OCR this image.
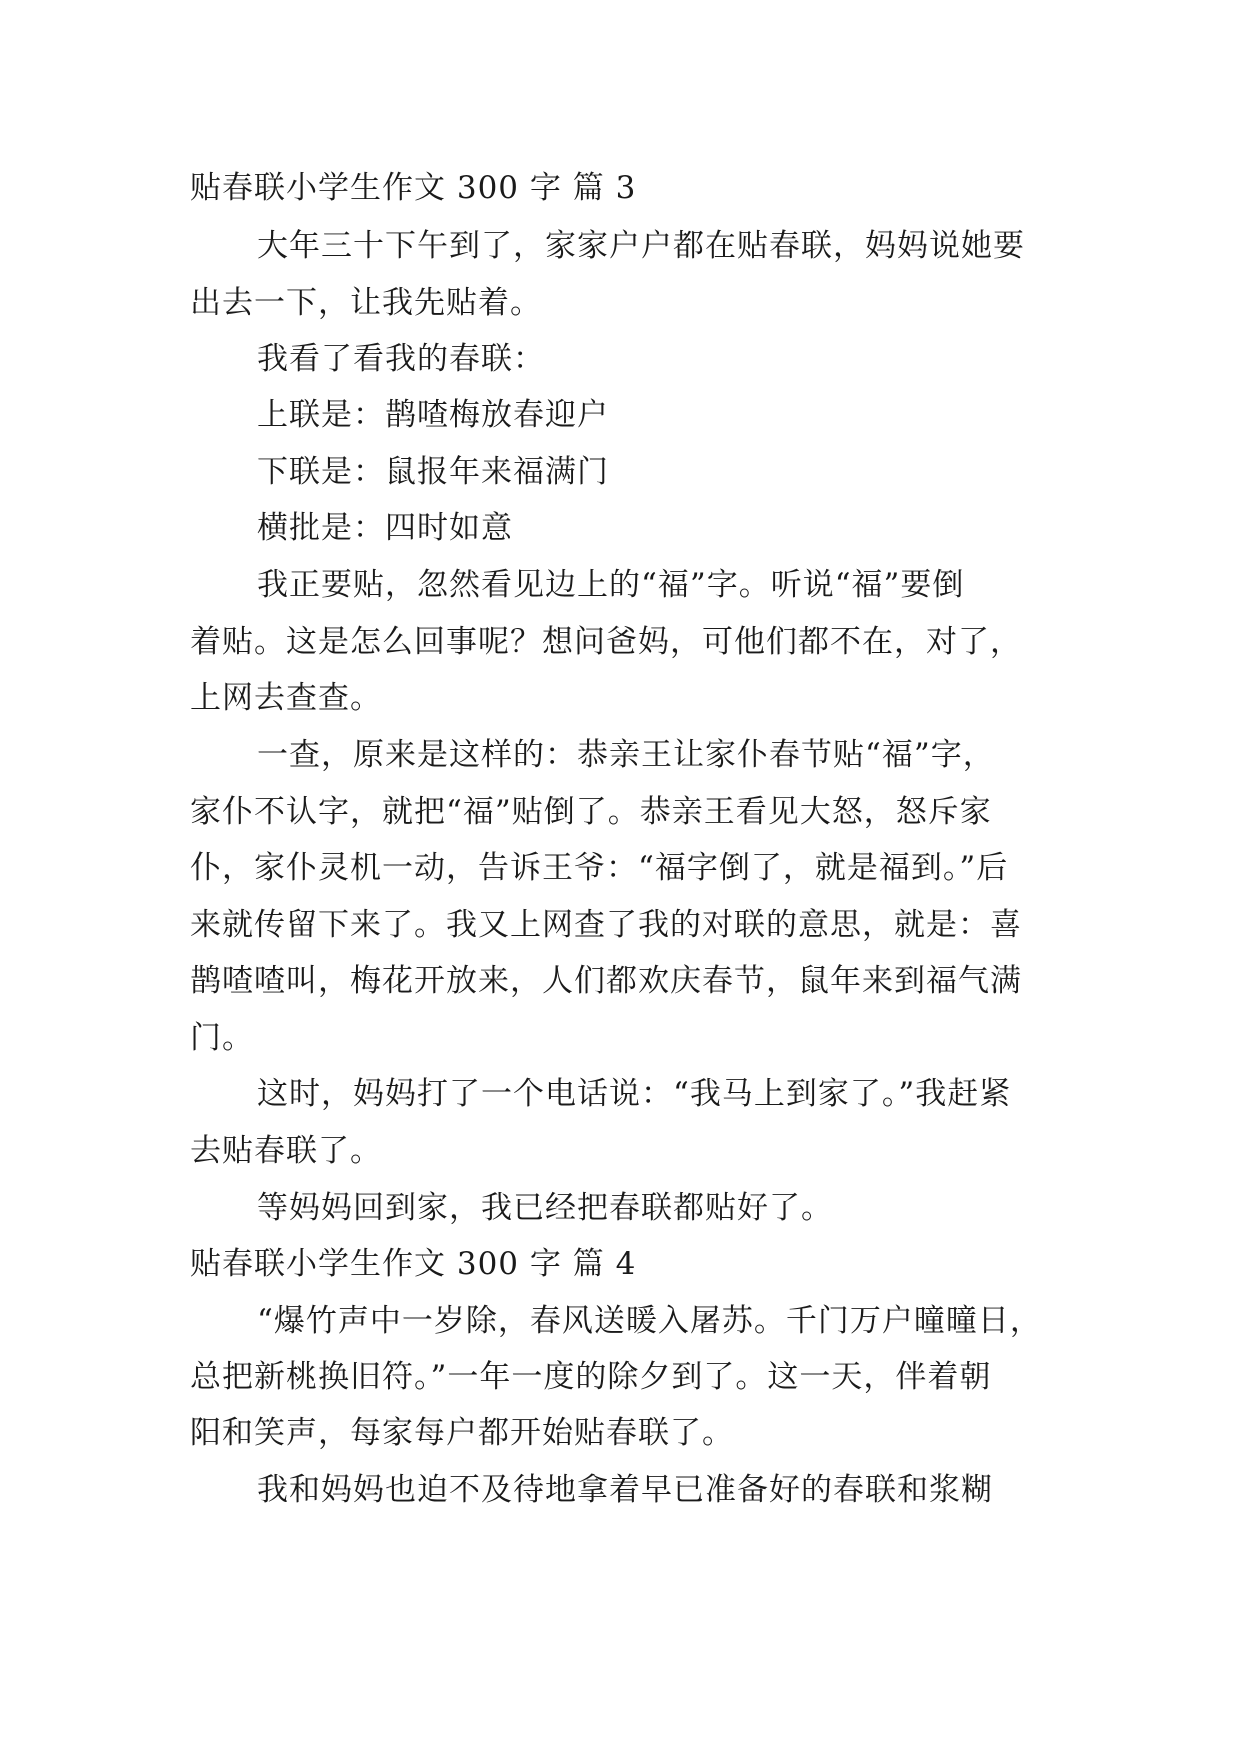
贴春联小学生作文 300 字 篇 3
大年三十下午到了，家家户户都在贴春联，妈妈说她要
出去一下，让我先贴着。
我看了看我的春联：
上联是：鹊喳梅放春迎户
下联是：鼠报年来福满门
横批是：四时如意
我正要贴，忽然看见边上的“福”字。听说“福”要倒
着贴。这是怎么回事呢？想问爸妈，可他们都不在，对了，
上网去查查。
一查，原来是这样的：恭亲王让家仆春节贴“福”字，
家仆不认字，就把“福”贴倒了。恭亲王看见大怒，怒斥家
仆，家仆灵机一动，告诉王爷：“福字倒了，就是福到。”后
来就传留下来了。我又上网查了我的对联的意思，就是：喜
鹊喳喳叫，梅花开放来，人们都欢庆春节，鼠年来到福气满
门。
这时，妈妈打了一个电话说：“我马上到家了。”我赶紧
去贴春联了。
等妈妈回到家，我已经把春联都贴好了。
贴春联小学生作文 300 字 篇 4
“爆竹声中一岁除，春风送暖入屠苏。千门万户曈曈日，
总把新桃换旧符。”一年一度的除夕到了。这一天，伴着朝
阳和笑声，每家每户都开始贴春联了。
我和妈妈也迫不及待地拿着早已准备好的春联和浆糊
